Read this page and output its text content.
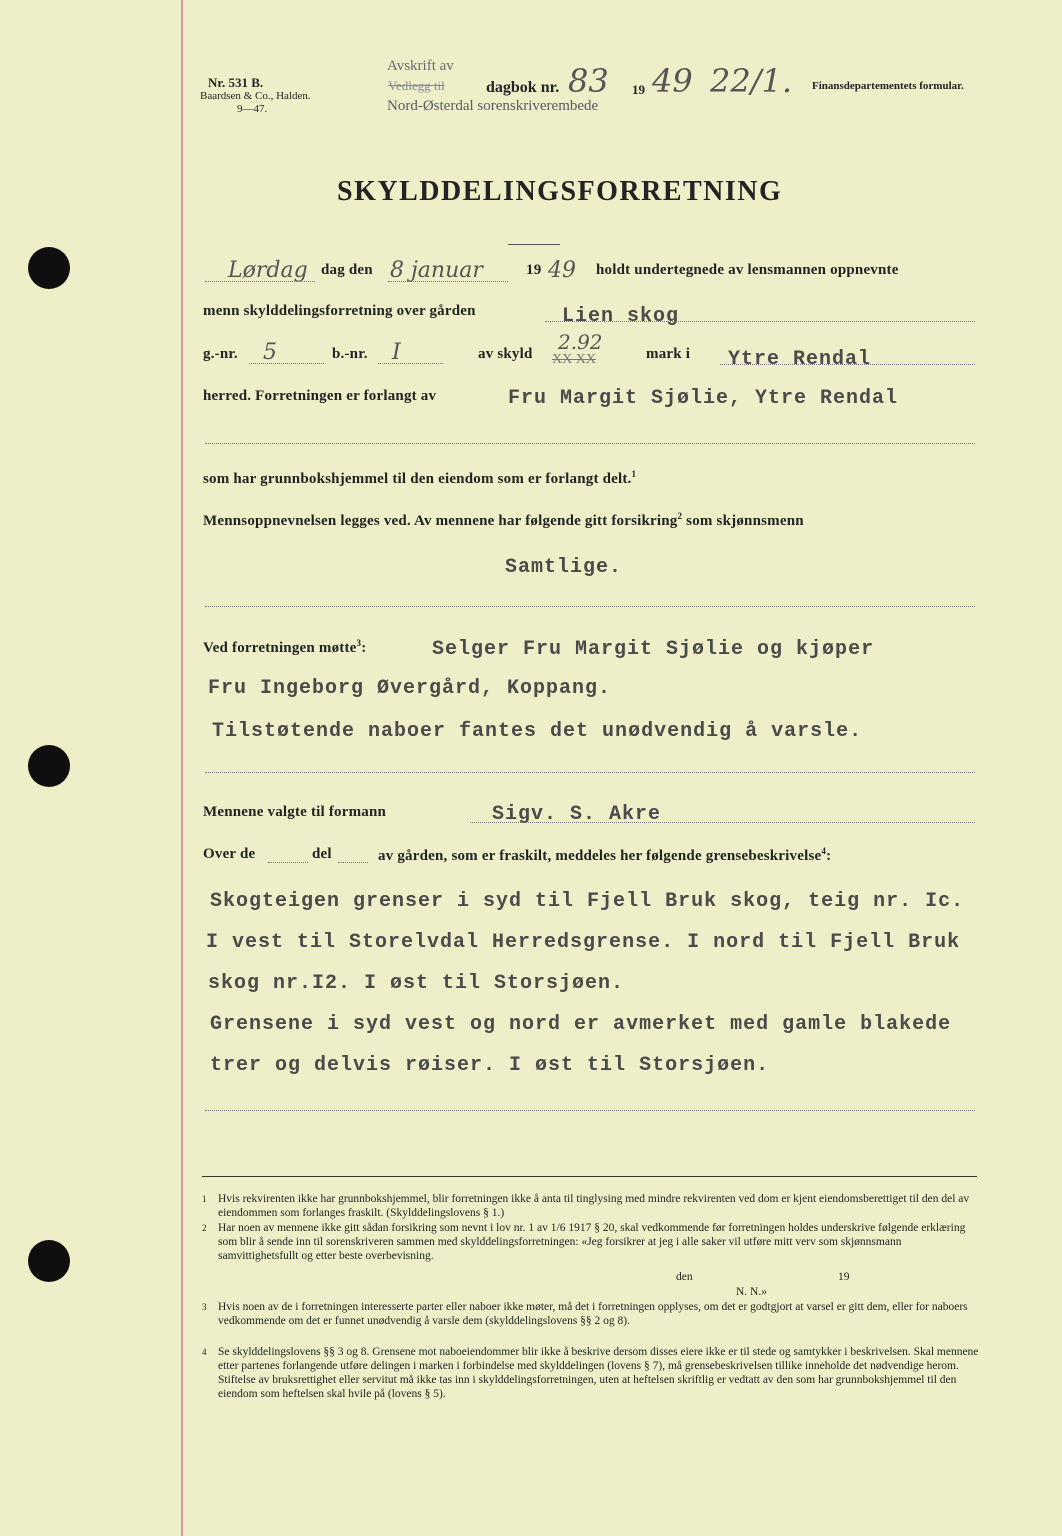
Nr. 531 B.
Baardsen & Co., Halden.
9—47.
Avskrift av
Vedlegg til	dagbok nr. 83 19 49 22/1.
Nord-Østerdal sorenskriverembede
Finansdepartementets formular.
SKYLDDELINGSFORRETNING
Lørdag dag den 8 januar	19 49 holdt undertegnede av lensmannen oppnevnte
menn skylddelingsforretning over gården	Lien skog
g.-nr. 5	b.-nr. I	av skyld 2.92
XX XX	mark i Ytre Rendal
herred. Forretningen er forlangt av	Fru Margit Sjølie, Ytre Rendal
som har grunnbokshjemmel til den eiendom som er forlangt delt.$^1$
Mennsoppnevnelsen legges ved. Av mennene har følgende gitt forsikring$^2$ som skjønnsmenn
Samtlige.
Ved forretningen møtte$^3$:	Selger Fru Margit Sjølie og kjøper
Fru Ingeborg Øvergård, Koppang.
Tilstøtende naboer fantes det unødvendig å varsle.
Mennene valgte til formann	Sigv. S. Akre
Over de	del	av gården, som er fraskilt, meddeles her følgende grensebeskrivelse$^4$:
Skogteigen grenser i syd til Fjell Bruk skog, teig nr. Ic.
I vest til Storelvdal Herredsgrense. I nord til Fjell Bruk
skog nr.I2. I øst til Storsjøen.
Grensene i syd vest og nord er avmerket med gamle blakede
trer og delvis røiser. I øst til Storsjøen.
1	Hvis rekvirenten ikke har grunnbokshjemmel, blir forretningen ikke å anta til tinglysing med mindre rekvirenten ved dom er kjent eiendomsberettiget til den del av eiendommen som forlanges fraskilt. (Skylddelingslovens § 1.)
2	Har noen av mennene ikke gitt sådan forsikring som nevnt i lov nr. 1 av 1/6 1917 § 20, skal vedkommende før forretningen holdes underskrive følgende erklæring som blir å sende inn til sorenskriveren sammen med skylddelingsforretningen: «Jeg forsikrer at jeg i alle saker vil utføre mitt verv som skjønnsmann samvittighetsfullt og etter beste overbevisning.
den	19
N. N.»
3	Hvis noen av de i forretningen interesserte parter eller naboer ikke møter, må det i forretningen opplyses, om det er godtgjort at varsel er gitt dem, eller for naboers vedkommende om det er funnet unødvendig å varsle dem (skylddelingslovens §§ 2 og 8).
4	Se skylddelingslovens §§ 3 og 8. Grensene mot naboeiendommer blir ikke å beskrive dersom disses eiere ikke er til stede og samtykker i beskrivelsen. Skal mennene etter partenes forlangende utføre delingen i marken i forbindelse med skylddelingen (lovens § 7), må grensebeskrivelsen tillike inneholde det nødvendige herom. Stiftelse av bruksrettighet eller servitut må ikke tas inn i skylddelingsforretningen, uten at heftelsen skriftlig er vedtatt av den som har grunnbokshjemmel til den eiendom som heftelsen skal hvile på (lovens § 5).
